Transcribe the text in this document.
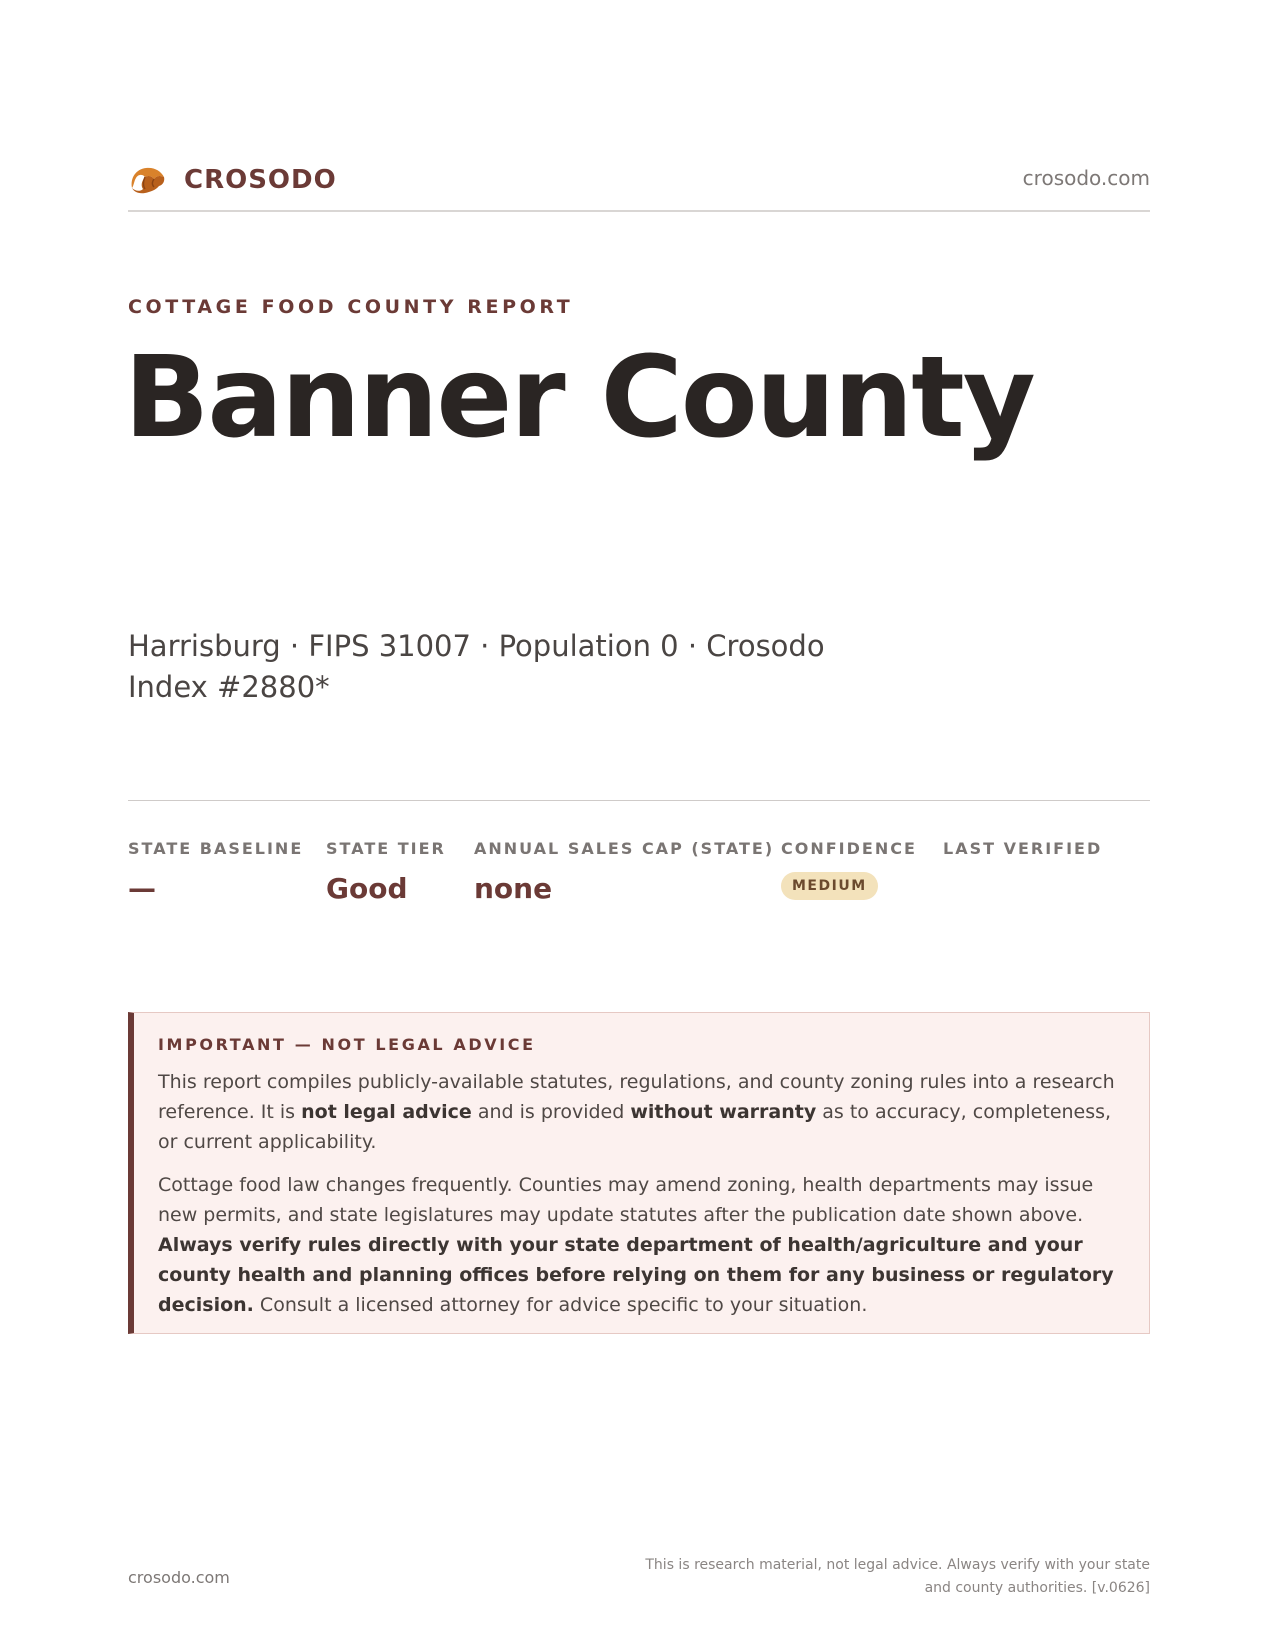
CROSODO	crosodo.com
COTTAGE FOOD COUNTY REPORT
Banner County
Harrisburg · FIPS 31007 · Population 0 · Crosodo Index #2880*
STATE BASELINE
—
STATE TIER
Good
ANNUAL SALES CAP (STATE)
none
CONFIDENCE
MEDIUM
LAST VERIFIED
IMPORTANT — NOT LEGAL ADVICE

This report compiles publicly-available statutes, regulations, and county zoning rules into a research reference. It is not legal advice and is provided without warranty as to accuracy, completeness, or current applicability.

Cottage food law changes frequently. Counties may amend zoning, health departments may issue new permits, and state legislatures may update statutes after the publication date shown above. Always verify rules directly with your state department of health/agriculture and your county health and planning offices before relying on them for any business or regulatory decision. Consult a licensed attorney for advice specific to your situation.

crosodo.com
This is research material, not legal advice. Always verify with your state and county authorities. [v.0626]
